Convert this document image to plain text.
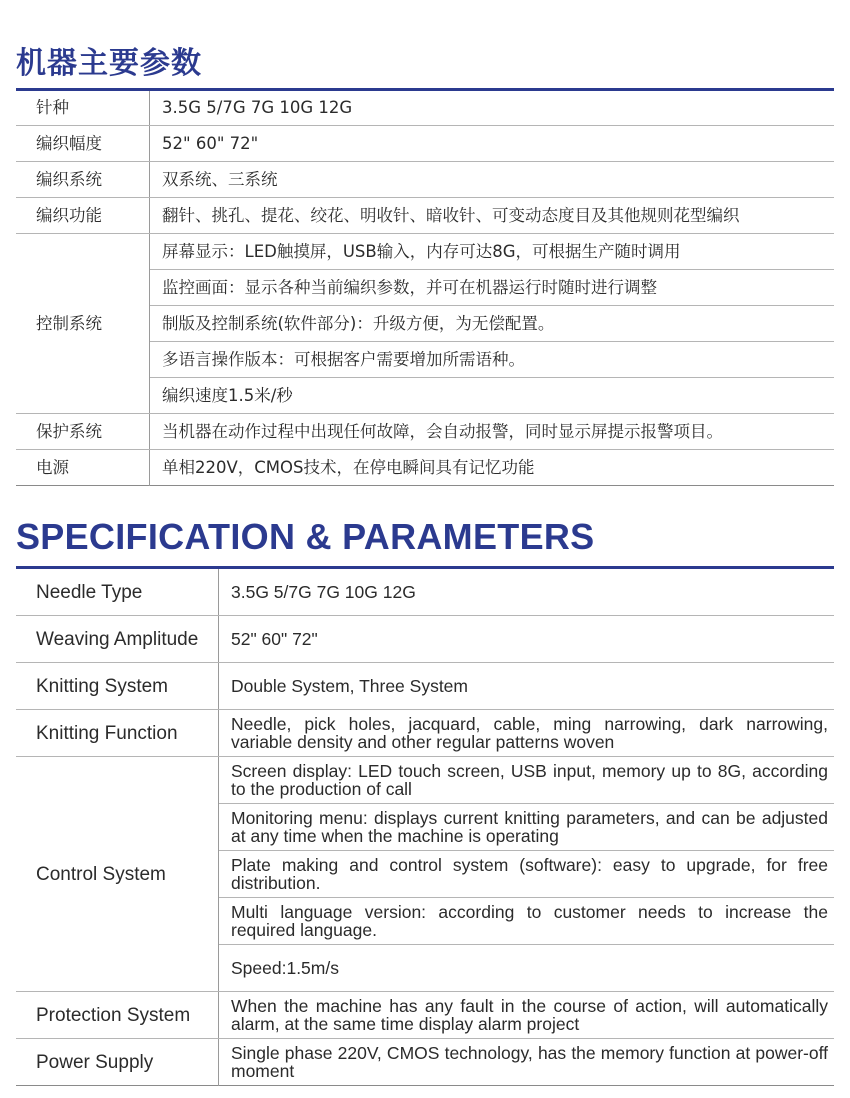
机器主要参数
针种	3.5G 5/7G 7G 10G 12G
编织幅度	52" 60" 72"
编织系统	双系统、三系统
编织功能	翻针、挑孔、提花、绞花、明收针、暗收针、可变动态度目及其他规则花型编织
控制系统	屏幕显示：LED触摸屏，USB输入，内存可达8G，可根据生产随时调用
	监控画面：显示各种当前编织参数，并可在机器运行时随时进行调整
	制版及控制系统(软件部分)：升级方便，为无偿配置。
	多语言操作版本：可根据客户需要增加所需语种。
	编织速度1.5米/秒
保护系统	当机器在动作过程中出现任何故障，会自动报警，同时显示屏提示报警项目。
电源	单相220V，CMOS技术，在停电瞬间具有记忆功能
SPECIFICATION & PARAMETERS
Needle Type	3.5G 5/7G 7G 10G 12G
Weaving Amplitude	52" 60" 72"
Knitting System	Double System, Three System
Knitting Function	Needle, pick holes, jacquard, cable, ming narrowing, dark narrowing, variable density and other regular patterns woven
Control System	Screen display: LED touch screen, USB input, memory up to 8G, according to the production of call
	Monitoring menu: displays current knitting parameters, and can be adjusted at any time when the machine is operating
	Plate making and control system (software): easy to upgrade, for free distribution.
	Multi language version: according to customer needs to increase the required language.
	Speed:1.5m/s
Protection System	When the machine has any fault in the course of action, will automatically alarm, at the same time display alarm project
Power Supply	Single phase 220V, CMOS technology, has the memory function at power-off moment
